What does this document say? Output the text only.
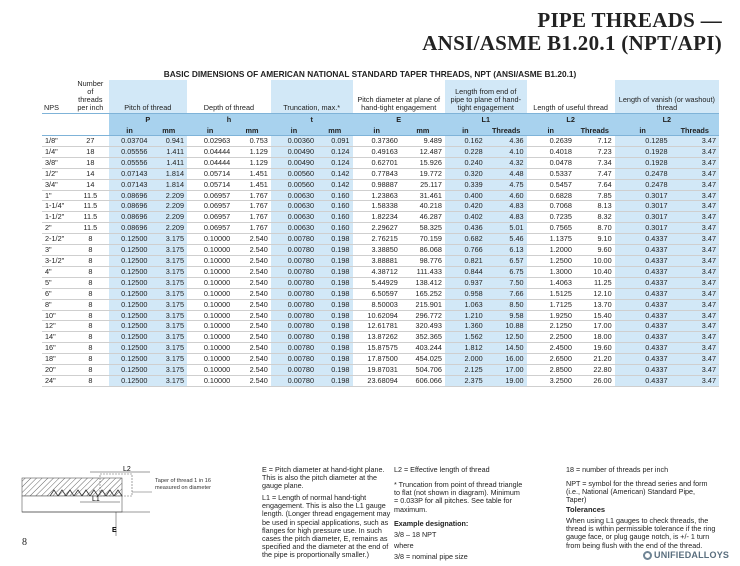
PIPE THREADS —
ANSI/ASME B1.20.1 (NPT/API)
BASIC DIMENSIONS OF AMERICAN NATIONAL STANDARD TAPER THREADS, NPT (ANSI/ASME B1.20.1)
NPS	Number of threads per inch	Pitch of thread		Depth of thread		Truncation, max.*		Pitch diameter at plane of hand-tight engagement		Length from end of pipe to plane of hand-tight engagement		Length of useful thread		Length of vanish (or washout) thread	
		P		h		t		E		L1		L2		L2	
		in	mm	in	mm	in	mm	in	mm	in	Threads	in	Threads	in	Threads
1/8"	27	0.03704	0.941	0.02963	0.753	0.00360	0.091	0.37360	9.489	0.162	4.36	0.2639	7.12	0.1285	3.47
1/4"	18	0.05556	1.411	0.04444	1.129	0.00490	0.124	0.49163	12.487	0.228	4.10	0.4018	7.23	0.1928	3.47
3/8"	18	0.05556	1.411	0.04444	1.129	0.00490	0.124	0.62701	15.926	0.240	4.32	0.0478	7.34	0.1928	3.47
1/2"	14	0.07143	1.814	0.05714	1.451	0.00560	0.142	0.77843	19.772	0.320	4.48	0.5337	7.47	0.2478	3.47
3/4"	14	0.07143	1.814	0.05714	1.451	0.00560	0.142	0.98887	25.117	0.339	4.75	0.5457	7.64	0.2478	3.47
1"	11.5	0.08696	2.209	0.06957	1.767	0.00630	0.160	1.23863	31.461	0.400	4.60	0.6828	7.85	0.3017	3.47
1-1/4"	11.5	0.08696	2.209	0.06957	1.767	0.00630	0.160	1.58338	40.218	0.420	4.83	0.7068	8.13	0.3017	3.47
1-1/2"	11.5	0.08696	2.209	0.06957	1.767	0.00630	0.160	1.82234	46.287	0.402	4.83	0.7235	8.32	0.3017	3.47
2"	11.5	0.08696	2.209	0.06957	1.767	0.00630	0.160	2.29627	58.325	0.436	5.01	0.7565	8.70	0.3017	3.47
2-1/2"	8	0.12500	3.175	0.10000	2.540	0.00780	0.198	2.76215	70.159	0.682	5.46	1.1375	9.10	0.4337	3.47
3"	8	0.12500	3.175	0.10000	2.540	0.00780	0.198	3.38850	86.068	0.766	6.13	1.2000	9.60	0.4337	3.47
3-1/2"	8	0.12500	3.175	0.10000	2.540	0.00780	0.198	3.88881	98.776	0.821	6.57	1.2500	10.00	0.4337	3.47
4"	8	0.12500	3.175	0.10000	2.540	0.00780	0.198	4.38712	111.433	0.844	6.75	1.3000	10.40	0.4337	3.47
5"	8	0.12500	3.175	0.10000	2.540	0.00780	0.198	5.44929	138.412	0.937	7.50	1.4063	11.25	0.4337	3.47
6"	8	0.12500	3.175	0.10000	2.540	0.00780	0.198	6.50597	165.252	0.958	7.66	1.5125	12.10	0.4337	3.47
8"	8	0.12500	3.175	0.10000	2.540	0.00780	0.198	8.50003	215.901	1.063	8.50	1.7125	13.70	0.4337	3.47
10"	8	0.12500	3.175	0.10000	2.540	0.00780	0.198	10.62094	296.772	1.210	9.58	1.9250	15.40	0.4337	3.47
12"	8	0.12500	3.175	0.10000	2.540	0.00780	0.198	12.61781	320.493	1.360	10.88	2.1250	17.00	0.4337	3.47
14"	8	0.12500	3.175	0.10000	2.540	0.00780	0.198	13.87262	352.365	1.562	12.50	2.2500	18.00	0.4337	3.47
16"	8	0.12500	3.175	0.10000	2.540	0.00780	0.198	15.87575	403.244	1.812	14.50	2.4500	19.60	0.4337	3.47
18"	8	0.12500	3.175	0.10000	2.540	0.00780	0.198	17.87500	454.025	2.000	16.00	2.6500	21.20	0.4337	3.47
20"	8	0.12500	3.175	0.10000	2.540	0.00780	0.198	19.87031	504.706	2.125	17.00	2.8500	22.80	0.4337	3.47
24"	8	0.12500	3.175	0.10000	2.540	0.00780	0.198	23.68094	606.066	2.375	19.00	3.2500	26.00	0.4337	3.47
L2
L1
E
Taper of thread 1 in 16 measured on diameter
E = Pitch diameter at hand-tight plane. This is also the pitch diameter at the gauge plane.
L1 = Length of normal hand-tight engagement. This is also the L1 gauge length. (Longer thread engagement may be used in special applications, such as flanges for high pressure use. In such cases the pitch diameter, E, remains as specified and the diameter at the end of the pipe is proportionally smaller.)
L2 = Effective length of thread
* Truncation from point of thread triangle to flat (not shown in diagram). Minimum = 0.033P for all pitches. See table for maximum.
Example designation:
3/8 – 18 NPT
where
3/8 = nominal pipe size
18 = number of threads per inch
NPT = symbol for the thread series and form (i.e., National (American) Standard Pipe, Taper)
Tolerances
When using L1 gauges to check threads, the thread is within permissible tolerance if the ring gauge face, or plug gauge notch, is +/- 1 turn from being flush with the end of the thread.
8
UNIFIEDALLOYS
